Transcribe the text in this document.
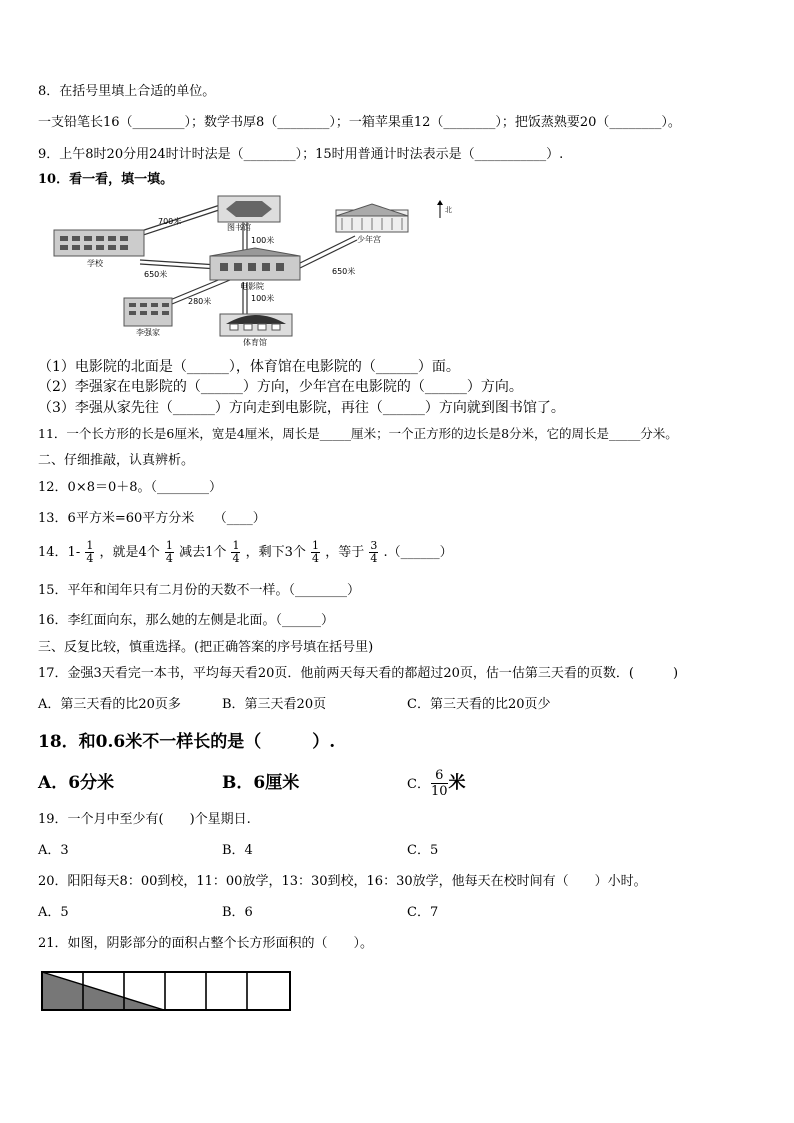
8．在括号里填上合适的单位。
一支铅笔长16（________）；数学书厚8（________）；一箱苹果重12（________）；把饭蒸熟要20（________）。
9．上午8时20分用24时计时法是（________）；15时用普通计时法表示是（___________）.
10．看一看，填一填。
图书馆
学校
电影院
少年宫
北
李强家
体育馆
700米
650米
100米
650米
280米	100米
（1）电影院的北面是（______），体育馆在电影院的（______）面。
（2）李强家在电影院的（______）方向，少年宫在电影院的（______）方向。
（3）李强从家先往（______）方向走到电影院，再往（______）方向就到图书馆了。
11．一个长方形的长是6厘米，宽是4厘米，周长是_____厘米；一个正方形的边长是8分米，它的周长是_____分米。
二、仔细推敲，认真辨析。
12．0×8＝0＋8。（________）
13．6平方米=60平方分米　　（____）
14．$1- \frac{1}{4}$ ，就是4个 $\frac{1}{4}$ 减去1个 $\frac{1}{4}$ ，剩下3个 $\frac{1}{4}$ ，等于 $\frac{3}{4}$ .（______）
15．平年和闰年只有二月份的天数不一样。（________）
16．李红面向东，那么她的左侧是北面。（______）
三、反复比较，慎重选择。(把正确答案的序号填在括号里)
17．金强3天看完一本书，平均每天看20页．他前两天每天看的都超过20页，估一估第三天看的页数．(　　　)
A．第三天看的比20页多	B．第三天看20页	C．第三天看的比20页少
18．和0.6米不一样长的是（　　　）.
A．6分米	B．6厘米	C． $\frac{6}{10}$ 米
19．一个月中至少有(　　)个星期日.
A．3	B．4	C．5
20．阳阳每天8：00到校，11：00放学，13：30到校，16：30放学，他每天在校时间有（　　）小时。
A．5	B．6	C．7
21．如图，阴影部分的面积占整个长方形面积的（　　）。
